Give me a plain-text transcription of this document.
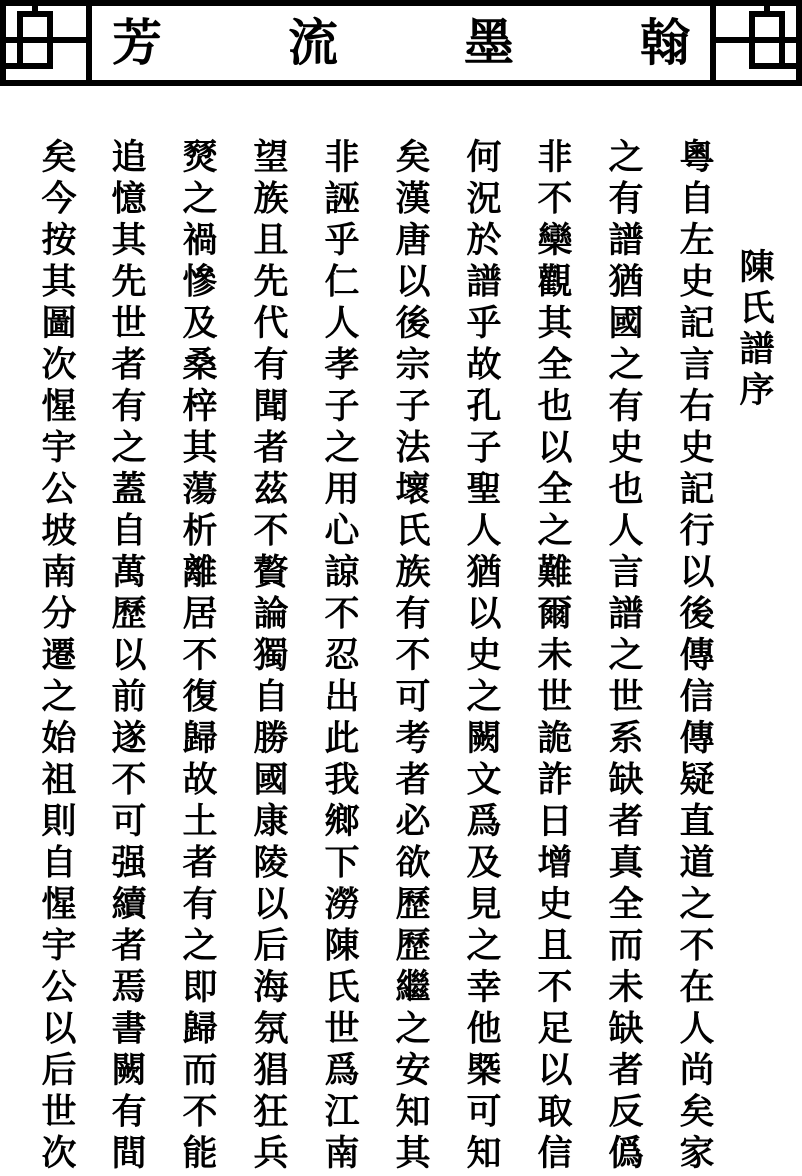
芳	流	墨	翰
陳氏譜序
粵自左史記言右史記行以後傳信傳疑直道之不在人尚矣家
之有譜猶國之有史也人言譜之世系缺者真全而未缺者反僞
非不欒觀其全也以全之難爾未世詭詐日增史且不足以取信
何況於譜乎故孔子聖人猶以史之闕文爲及見之幸他槩可知
矣漢唐以後宗子法壞氏族有不可考者必欲歷歷繼之安知其
非誣乎仁人孝子之用心諒不忍出此我鄉下澇陳氏世爲江南
望族且先代有聞者茲不贅論獨自勝國康陵以后海氛猖狂兵
燹之禍慘及桑梓其蕩析離居不復歸故土者有之即歸而不能
追憶其先世者有之蓋自萬歷以前遂不可强續者焉書闕有間
矣今按其圖次惺宇公坡南分遷之始祖則自惺宇公以后世次
